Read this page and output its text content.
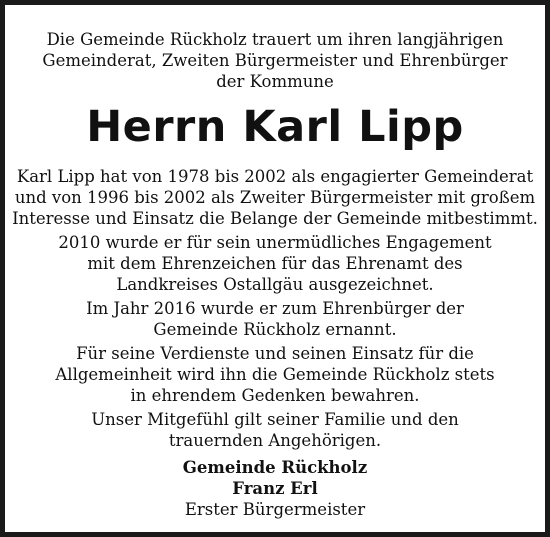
Die Gemeinde Rückholz trauert um ihren langjährigen
Gemeinderat, Zweiten Bürgermeister und Ehrenbürger
der Kommune
Herrn Karl Lipp
Karl Lipp hat von 1978 bis 2002 als engagierter Gemeinderat
und von 1996 bis 2002 als Zweiter Bürgermeister mit großem
Interesse und Einsatz die Belange der Gemeinde mitbestimmt.
2010 wurde er für sein unermüdliches Engagement
mit dem Ehrenzeichen für das Ehrenamt des
Landkreises Ostallgäu ausgezeichnet.
Im Jahr 2016 wurde er zum Ehrenbürger der
Gemeinde Rückholz ernannt.
Für seine Verdienste und seinen Einsatz für die
Allgemeinheit wird ihn die Gemeinde Rückholz stets
in ehrendem Gedenken bewahren.
Unser Mitgefühl gilt seiner Familie und den
trauernden Angehörigen.
Gemeinde Rückholz
Franz Erl
Erster Bürgermeister
